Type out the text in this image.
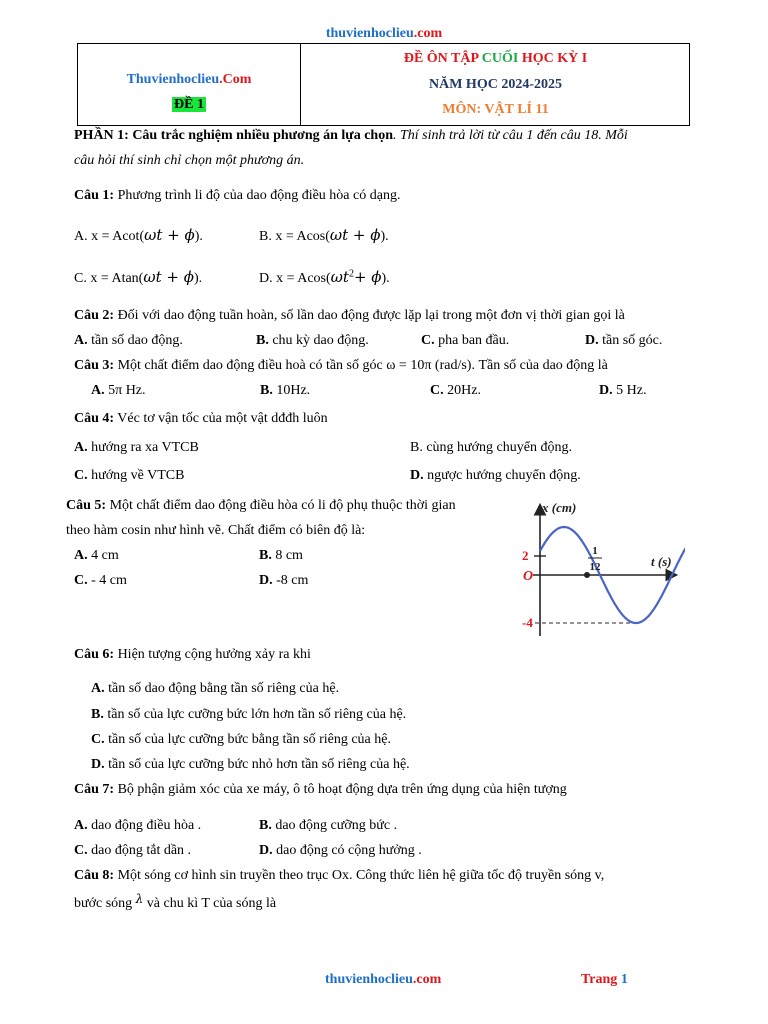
thuvienhoclieu.com
Thuvienhoclieu.Com
ĐỀ 1
ĐỀ ÔN TẬP CUỐI HỌC KỲ I
NĂM HỌC 2024-2025
MÔN: VẬT LÍ 11
PHẦN 1: Câu trắc nghiệm nhiều phương án lựa chọn. Thí sinh trả lời từ câu 1 đến câu 18. Mỗi
câu hỏi thí sinh chỉ chọn một phương án.
Câu 1: Phương trình li độ của dao động điều hòa có dạng.
A. x = Acot(ωt + ϕ).	B. x = Acos(ωt + ϕ).
C. x = Atan(ωt + ϕ).	D. $x = Acos(\omega t^2+ \phi)$.
Câu 2: Đối với dao động tuần hoàn, số lần dao động được lặp lại trong một đơn vị thời gian gọi là
A. tần số dao động.	B. chu kỳ dao động.	C. pha ban đầu.	D. tần số góc.
Câu 3: Một chất điểm dao động điều hoà có tần số góc ω = 10π (rad/s). Tần số của dao động là
A. 5π Hz.	B. 10Hz.	C. 20Hz.	D. 5 Hz.
Câu 4: Véc tơ vận tốc của một vật dđđh luôn
A. hướng ra xa VTCB	B. cùng hướng chuyển động.
C. hướng về VTCB	D. ngược hướng chuyển động.
Câu 5: Một chất điểm dao động điều hòa có li độ phụ thuộc thời gian
theo hàm cosin như hình vẽ. Chất điểm có biên độ là:
A. 4 cm	B. 8 cm
C. - 4 cm	D. -8 cm
x (cm)
t (s)
O
2
-4
1
12
Câu 6: Hiện tượng cộng hưởng xảy ra khi
A. tần số dao động bằng tần số riêng của hệ.
B. tần số của lực cưỡng bức lớn hơn tần số riêng của hệ.
C. tần số của lực cưỡng bức bằng tần số riêng của hệ.
D. tần số của lực cưỡng bức nhỏ hơn tần số riêng của hệ.
Câu 7: Bộ phận giảm xóc của xe máy, ô tô hoạt động dựa trên ứng dụng của hiện tượng
A. dao động điều hòa .	B. dao động cưỡng bức .
C. dao động tắt dần .	D. dao động có cộng hưởng .
Câu 8: Một sóng cơ hình sin truyền theo trục Ox. Công thức liên hệ giữa tốc độ truyền sóng v,
bước sóng λ và chu kì T của sóng là
thuvienhoclieu.com	Trang 1
